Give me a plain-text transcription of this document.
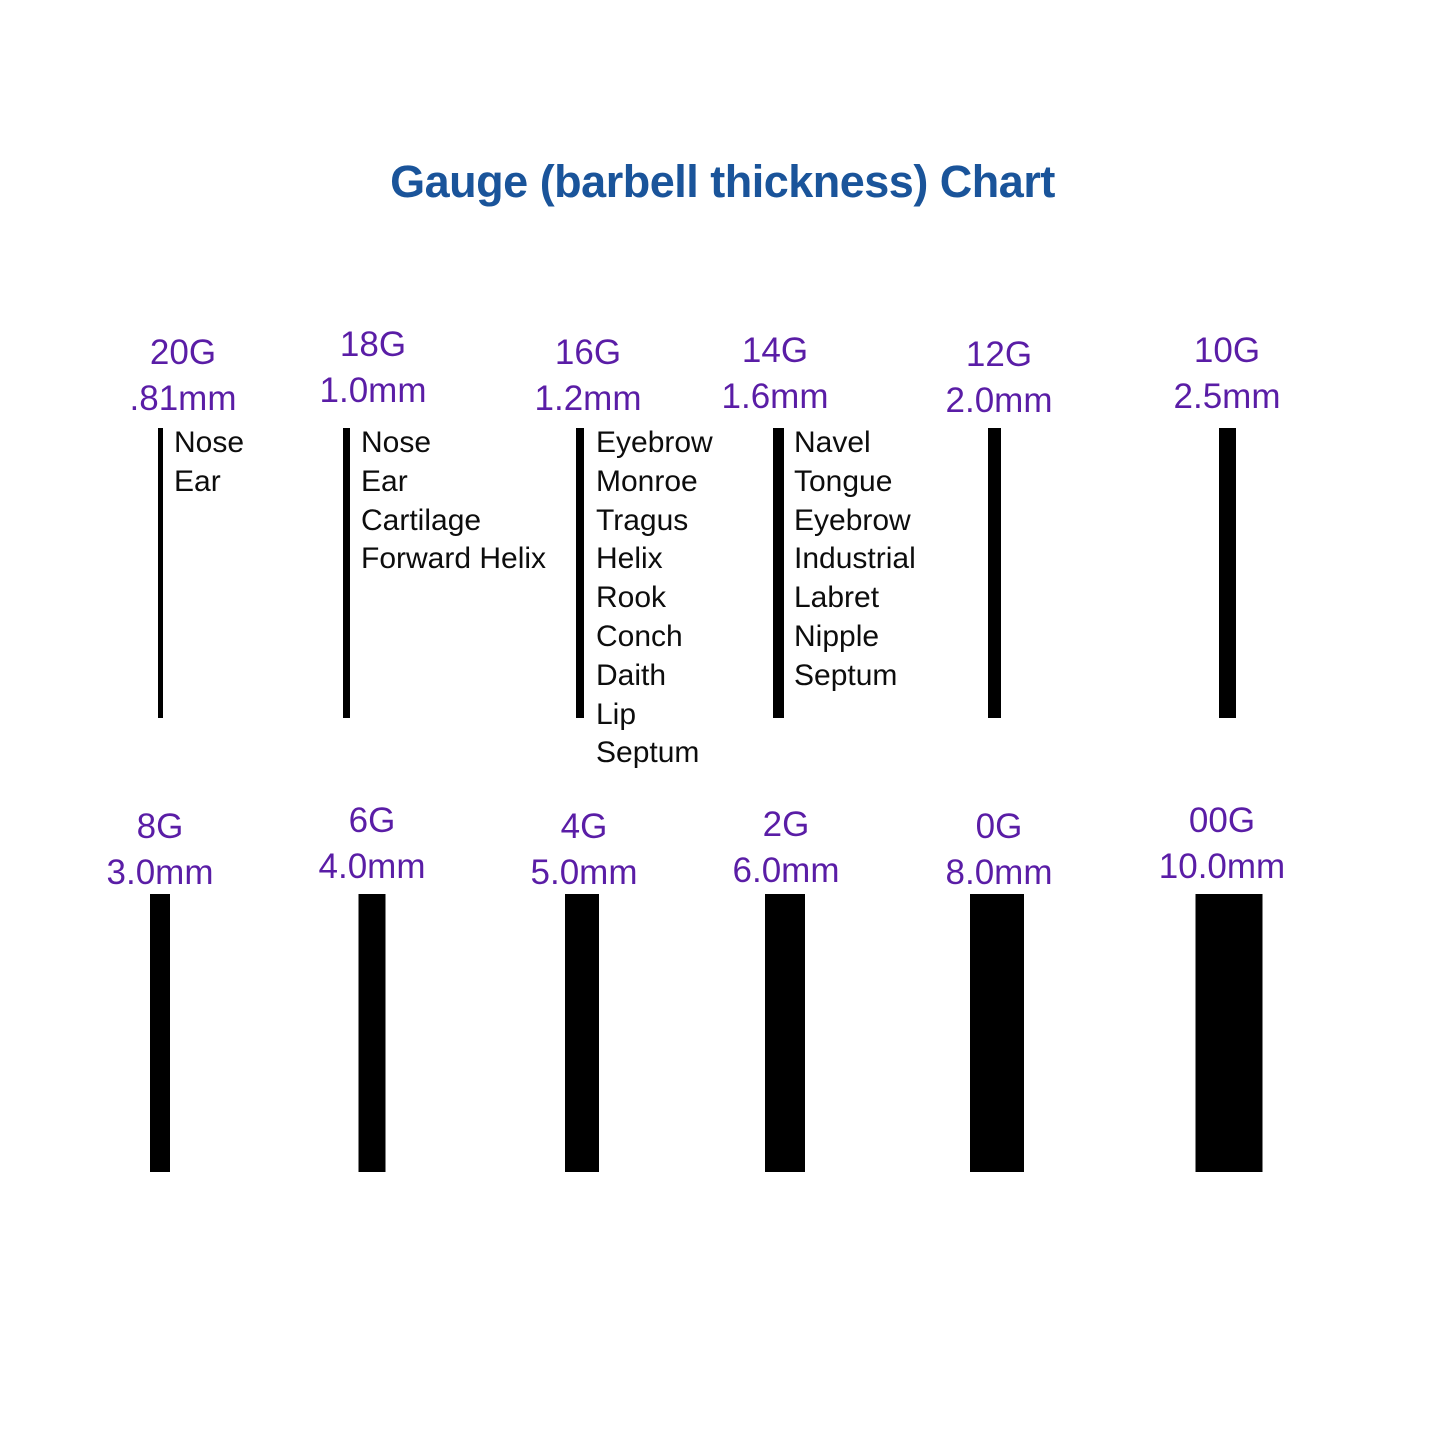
Gauge (barbell thickness) Chart
20G
.81mm
Nose
Ear
18G
1.0mm
Nose
Ear
Cartilage
Forward Helix
16G
1.2mm
Eyebrow
Monroe
Tragus
Helix
Rook
Conch
Daith
Lip
Septum
14G
1.6mm
Navel
Tongue
Eyebrow
Industrial
Labret
Nipple
Septum
12G
2.0mm
10G
2.5mm
8G
3.0mm
6G
4.0mm
4G
5.0mm
2G
6.0mm
0G
8.0mm
00G
10.0mm
